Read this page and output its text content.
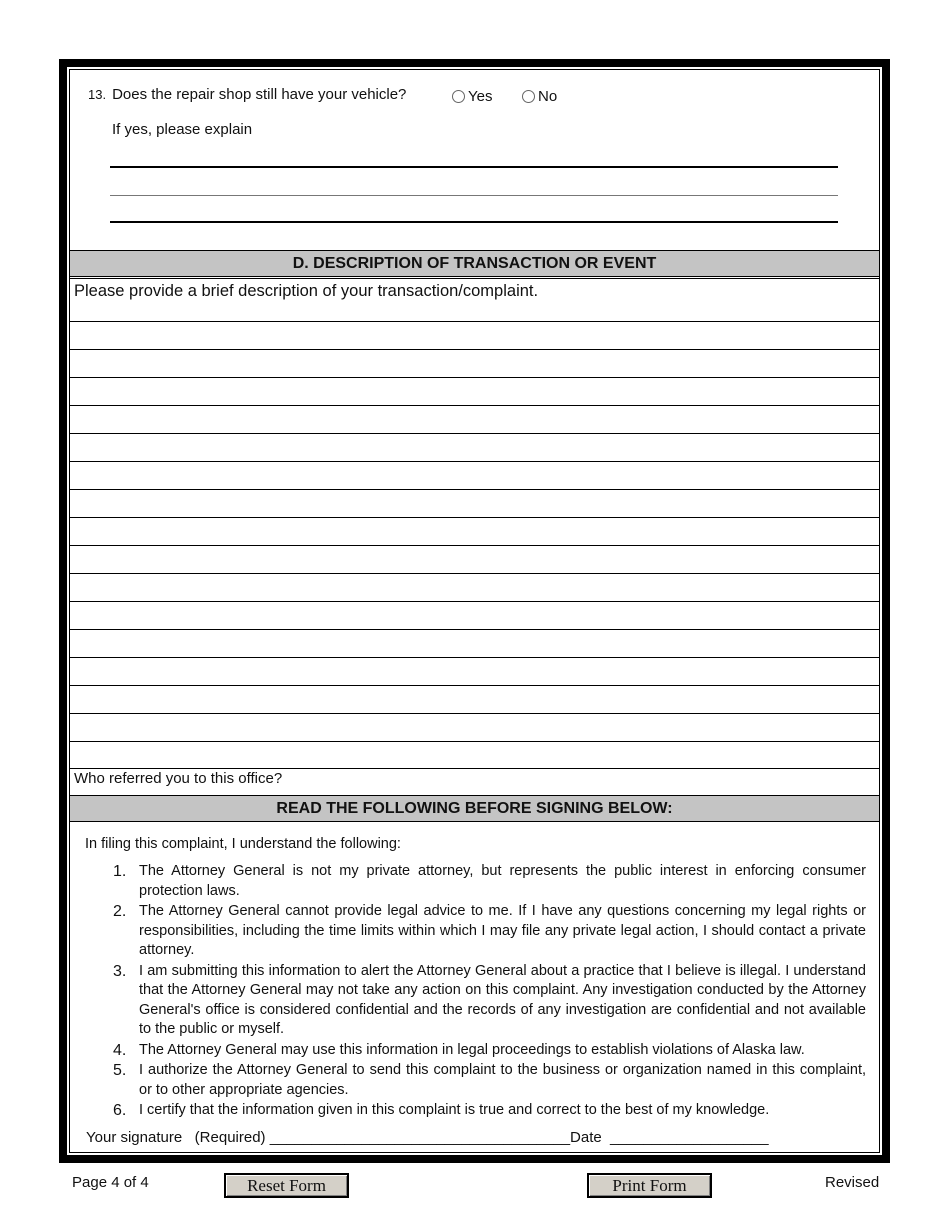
13. Does the repair shop still have your vehicle?	Yes	No
If yes, please explain
D. DESCRIPTION OF TRANSACTION OR EVENT
Please provide a brief description of your transaction/complaint.
Who referred you to this office?
READ THE FOLLOWING BEFORE SIGNING BELOW:
In filing this complaint, I understand the following:
1. The Attorney General is not my private attorney, but represents the public interest in enforcing consumer protection laws.
2. The Attorney General cannot provide legal advice to me. If I have any questions concerning my legal rights or responsibilities, including the time limits within which I may file any private legal action, I should contact a private attorney.
3. I am submitting this information to alert the Attorney General about a practice that I believe is illegal. I understand that the Attorney General may not take any action on this complaint. Any investigation conducted by the Attorney General's office is considered confidential and the records of any investigation are confidential and not available to the public or myself.
4. The Attorney General may use this information in legal proceedings to establish violations of Alaska law.
5. I authorize the Attorney General to send this complaint to the business or organization named in this complaint, or to other appropriate agencies.
6. I certify that the information given in this complaint is true and correct to the best of my knowledge.
Your signature   (Required) ____________________________________Date  ___________________
Page 4 of 4	Reset Form	Print Form	Revised
